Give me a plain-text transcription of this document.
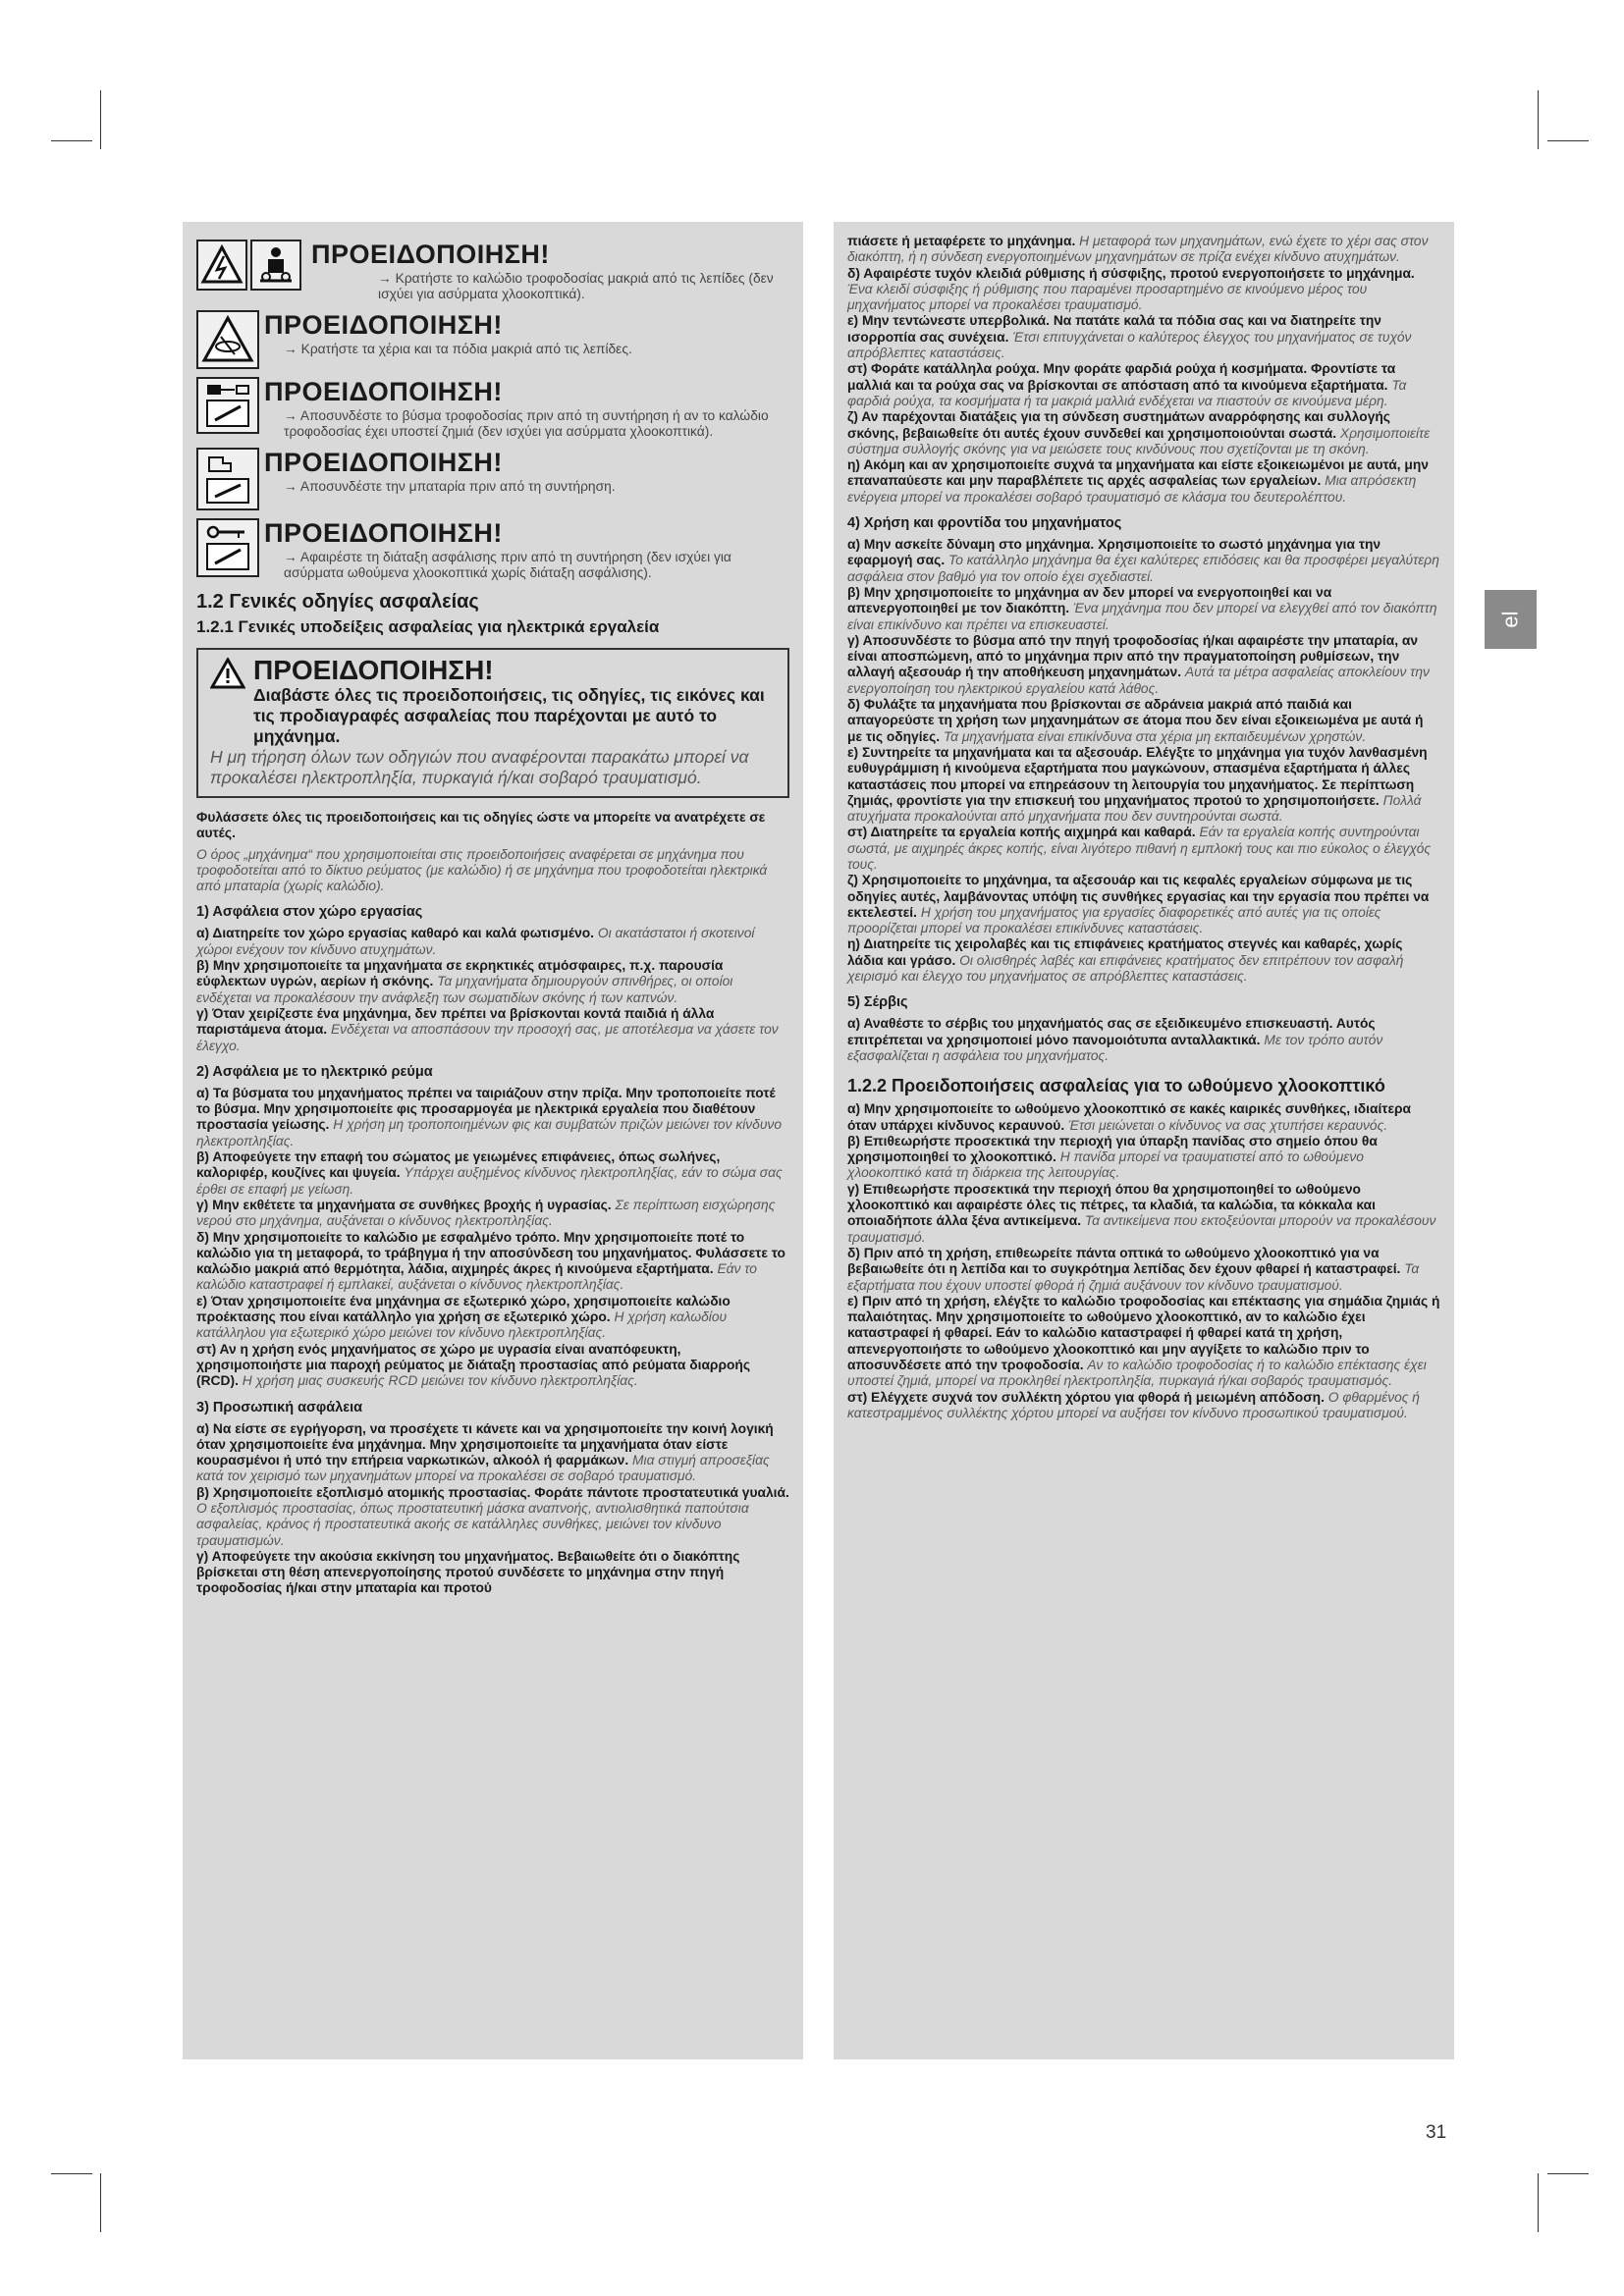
el
ΠΡΟΕΙΔΟΠΟΙΗΣΗ!
→ Κρατήστε το καλώδιο τροφοδοσίας μακριά από τις λεπίδες (δεν ισχύει για ασύρματα χλοοκοπτικά).
ΠΡΟΕΙΔΟΠΟΙΗΣΗ!
→ Κρατήστε τα χέρια και τα πόδια μακριά από τις λεπίδες.
ΠΡΟΕΙΔΟΠΟΙΗΣΗ!
→ Αποσυνδέστε το βύσμα τροφοδοσίας πριν από τη συντήρηση ή αν το καλώδιο τροφοδοσίας έχει υποστεί ζημιά (δεν ισχύει για ασύρματα χλοοκοπτικά).
ΠΡΟΕΙΔΟΠΟΙΗΣΗ!
→ Αποσυνδέστε την μπαταρία πριν από τη συντήρηση.
ΠΡΟΕΙΔΟΠΟΙΗΣΗ!
→ Αφαιρέστε τη διάταξη ασφάλισης πριν από τη συντήρηση (δεν ισχύει για ασύρματα ωθούμενα χλοοκοπτικά χωρίς διάταξη ασφάλισης).
1.2 Γενικές οδηγίες ασφαλείας
1.2.1 Γενικές υποδείξεις ασφαλείας για ηλεκτρικά εργαλεία
ΠΡΟΕΙΔΟΠΟΙΗΣΗ!
Διαβάστε όλες τις προειδοποιήσεις, τις οδηγίες, τις εικόνες και τις προδιαγραφές ασφαλείας που παρέχονται με αυτό το μηχάνημα.
Η μη τήρηση όλων των οδηγιών που αναφέρονται παρακάτω μπορεί να προκαλέσει ηλεκτροπληξία, πυρκαγιά ή/και σοβαρό τραυματισμό.

Φυλάσσετε όλες τις προειδοποιήσεις και τις οδηγίες ώστε να μπορείτε να ανατρέχετε σε αυτές.

Ο όρος „μηχάνημα“ που χρησιμοποιείται στις προειδοποιήσεις αναφέρεται σε μηχάνημα που τροφοδοτείται από το δίκτυο ρεύματος (με καλώδιο) ή σε μηχάνημα που τροφοδοτείται ηλεκτρικά από μπαταρία (χωρίς καλώδιο).

1) Ασφάλεια στον χώρο εργασίας

α) Διατηρείτε τον χώρο εργασίας καθαρό και καλά φωτισμένο. Οι ακατάστατοι ή σκοτεινοί χώροι ενέχουν τον κίνδυνο ατυχημάτων.

β) Μην χρησιμοποιείτε τα μηχανήματα σε εκρηκτικές ατμόσφαιρες, π.χ. παρουσία εύφλεκτων υγρών, αερίων ή σκόνης. Τα μηχανήματα δημιουργούν σπινθήρες, οι οποίοι ενδέχεται να προκαλέσουν την ανάφλεξη των σωματιδίων σκόνης ή των καπνών.

γ) Όταν χειρίζεστε ένα μηχάνημα, δεν πρέπει να βρίσκονται κοντά παιδιά ή άλλα παριστάμενα άτομα. Ενδέχεται να αποσπάσουν την προσοχή σας, με αποτέλεσμα να χάσετε τον έλεγχο.

2) Ασφάλεια με το ηλεκτρικό ρεύμα

α) Τα βύσματα του μηχανήματος πρέπει να ταιριάζουν στην πρίζα. Μην τροποποιείτε ποτέ το βύσμα. Μην χρησιμοποιείτε φις προσαρμογέα με ηλεκτρικά εργαλεία που διαθέτουν προστασία γείωσης. Η χρήση μη τροποποιημένων φις και συμβατών πριζών μειώνει τον κίνδυνο ηλεκτροπληξίας.

β) Αποφεύγετε την επαφή του σώματος με γειωμένες επιφάνειες, όπως σωλήνες, καλοριφέρ, κουζίνες και ψυγεία. Υπάρχει αυξημένος κίνδυνος ηλεκτροπληξίας, εάν το σώμα σας έρθει σε επαφή με γείωση.

γ) Μην εκθέτετε τα μηχανήματα σε συνθήκες βροχής ή υγρασίας. Σε περίπτωση εισχώρησης νερού στο μηχάνημα, αυξάνεται ο κίνδυνος ηλεκτροπληξίας.

δ) Μην χρησιμοποιείτε το καλώδιο με εσφαλμένο τρόπο. Μην χρησιμοποιείτε ποτέ το καλώδιο για τη μεταφορά, το τράβηγμα ή την αποσύνδεση του μηχανήματος. Φυλάσσετε το καλώδιο μακριά από θερμότητα, λάδια, αιχμηρές άκρες ή κινούμενα εξαρτήματα. Εάν το καλώδιο καταστραφεί ή εμπλακεί, αυξάνεται ο κίνδυνος ηλεκτροπληξίας.

ε) Όταν χρησιμοποιείτε ένα μηχάνημα σε εξωτερικό χώρο, χρησιμοποιείτε καλώδιο προέκτασης που είναι κατάλληλο για χρήση σε εξωτερικό χώρο. Η χρήση καλωδίου κατάλληλου για εξωτερικό χώρο μειώνει τον κίνδυνο ηλεκτροπληξίας.

στ) Αν η χρήση ενός μηχανήματος σε χώρο με υγρασία είναι αναπόφευκτη, χρησιμοποιήστε μια παροχή ρεύματος με διάταξη προστασίας από ρεύματα διαρροής (RCD). Η χρήση μιας συσκευής RCD μειώνει τον κίνδυνο ηλεκτροπληξίας.

3) Προσωπική ασφάλεια

α) Να είστε σε εγρήγορση, να προσέχετε τι κάνετε και να χρησιμοποιείτε την κοινή λογική όταν χρησιμοποιείτε ένα μηχάνημα. Μην χρησιμοποιείτε τα μηχανήματα όταν είστε κουρασμένοι ή υπό την επήρεια ναρκωτικών, αλκοόλ ή φαρμάκων. Μια στιγμή απροσεξίας κατά τον χειρισμό των μηχανημάτων μπορεί να προκαλέσει σε σοβαρό τραυματισμό.

β) Χρησιμοποιείτε εξοπλισμό ατομικής προστασίας. Φοράτε πάντοτε προστατευτικά γυαλιά. Ο εξοπλισμός προστασίας, όπως προστατευτική μάσκα αναπνοής, αντιολισθητικά παπούτσια ασφαλείας, κράνος ή προστατευτικά ακοής σε κατάλληλες συνθήκες, μειώνει τον κίνδυνο τραυματισμών.

γ) Αποφεύγετε την ακούσια εκκίνηση του μηχανήματος. Βεβαιωθείτε ότι ο διακόπτης βρίσκεται στη θέση απενεργοποίησης προτού συνδέσετε το μηχάνημα στην πηγή τροφοδοσίας ή/και στην μπαταρία και προτού

πιάσετε ή μεταφέρετε το μηχάνημα. Η μεταφορά των μηχανημάτων, ενώ έχετε το χέρι σας στον διακόπτη, ή η σύνδεση ενεργοποιημένων μηχανημάτων σε πρίζα ενέχει κίνδυνο ατυχημάτων.

δ) Αφαιρέστε τυχόν κλειδιά ρύθμισης ή σύσφιξης, προτού ενεργοποιήσετε το μηχάνημα. Ένα κλειδί σύσφιξης ή ρύθμισης που παραμένει προσαρτημένο σε κινούμενο μέρος του μηχανήματος μπορεί να προκαλέσει τραυματισμό.

ε) Μην τεντώνεστε υπερβολικά. Να πατάτε καλά τα πόδια σας και να διατηρείτε την ισορροπία σας συνέχεια. Έτσι επιτυγχάνεται ο καλύτερος έλεγχος του μηχανήματος σε τυχόν απρόβλεπτες καταστάσεις.

στ) Φοράτε κατάλληλα ρούχα. Μην φοράτε φαρδιά ρούχα ή κοσμήματα. Φροντίστε τα μαλλιά και τα ρούχα σας να βρίσκονται σε απόσταση από τα κινούμενα εξαρτήματα. Τα φαρδιά ρούχα, τα κοσμήματα ή τα μακριά μαλλιά ενδέχεται να πιαστούν σε κινούμενα μέρη.

ζ) Αν παρέχονται διατάξεις για τη σύνδεση συστημάτων αναρρόφησης και συλλογής σκόνης, βεβαιωθείτε ότι αυτές έχουν συνδεθεί και χρησιμοποιούνται σωστά. Χρησιμοποιείτε σύστημα συλλογής σκόνης για να μειώσετε τους κινδύνους που σχετίζονται με τη σκόνη.

η) Ακόμη και αν χρησιμοποιείτε συχνά τα μηχανήματα και είστε εξοικειωμένοι με αυτά, μην επαναπαύεστε και μην παραβλέπετε τις αρχές ασφαλείας των εργαλείων. Μια απρόσεκτη ενέργεια μπορεί να προκαλέσει σοβαρό τραυματισμό σε κλάσμα του δευτερολέπτου.

4) Χρήση και φροντίδα του μηχανήματος

α) Μην ασκείτε δύναμη στο μηχάνημα. Χρησιμοποιείτε το σωστό μηχάνημα για την εφαρμογή σας. Το κατάλληλο μηχάνημα θα έχει καλύτερες επιδόσεις και θα προσφέρει μεγαλύτερη ασφάλεια στον βαθμό για τον οποίο έχει σχεδιαστεί.

β) Μην χρησιμοποιείτε το μηχάνημα αν δεν μπορεί να ενεργοποιηθεί και να απενεργοποιηθεί με τον διακόπτη. Ένα μηχάνημα που δεν μπορεί να ελεγχθεί από τον διακόπτη είναι επικίνδυνο και πρέπει να επισκευαστεί.

γ) Αποσυνδέστε το βύσμα από την πηγή τροφοδοσίας ή/και αφαιρέστε την μπαταρία, αν είναι αποσπώμενη, από το μηχάνημα πριν από την πραγματοποίηση ρυθμίσεων, την αλλαγή αξεσουάρ ή την αποθήκευση μηχανημάτων. Αυτά τα μέτρα ασφαλείας αποκλείουν την ενεργοποίηση του ηλεκτρικού εργαλείου κατά λάθος.

δ) Φυλάξτε τα μηχανήματα που βρίσκονται σε αδράνεια μακριά από παιδιά και απαγορεύστε τη χρήση των μηχανημάτων σε άτομα που δεν είναι εξοικειωμένα με αυτά ή με τις οδηγίες. Τα μηχανήματα είναι επικίνδυνα στα χέρια μη εκπαιδευμένων χρηστών.

ε) Συντηρείτε τα μηχανήματα και τα αξεσουάρ. Ελέγξτε το μηχάνημα για τυχόν λανθασμένη ευθυγράμμιση ή κινούμενα εξαρτήματα που μαγκώνουν, σπασμένα εξαρτήματα ή άλλες καταστάσεις που μπορεί να επηρεάσουν τη λειτουργία του μηχανήματος. Σε περίπτωση ζημιάς, φροντίστε για την επισκευή του μηχανήματος προτού το χρησιμοποιήσετε. Πολλά ατυχήματα προκαλούνται από μηχανήματα που δεν συντηρούνται σωστά.

στ) Διατηρείτε τα εργαλεία κοπής αιχμηρά και καθαρά. Εάν τα εργαλεία κοπής συντηρούνται σωστά, με αιχμηρές άκρες κοπής, είναι λιγότερο πιθανή η εμπλοκή τους και πιο εύκολος ο έλεγχός τους.

ζ) Χρησιμοποιείτε το μηχάνημα, τα αξεσουάρ και τις κεφαλές εργαλείων σύμφωνα με τις οδηγίες αυτές, λαμβάνοντας υπόψη τις συνθήκες εργασίας και την εργασία που πρέπει να εκτελεστεί. Η χρήση του μηχανήματος για εργασίες διαφορετικές από αυτές για τις οποίες προορίζεται μπορεί να προκαλέσει επικίνδυνες καταστάσεις.

η) Διατηρείτε τις χειρολαβές και τις επιφάνειες κρατήματος στεγνές και καθαρές, χωρίς λάδια και γράσο. Οι ολισθηρές λαβές και επιφάνειες κρατήματος δεν επιτρέπουν τον ασφαλή χειρισμό και έλεγχο του μηχανήματος σε απρόβλεπτες καταστάσεις.

5) Σέρβις

α) Αναθέστε το σέρβις του μηχανήματός σας σε εξειδικευμένο επισκευαστή. Αυτός επιτρέπεται να χρησιμοποιεί μόνο πανομοιότυπα ανταλλακτικά. Με τον τρόπο αυτόν εξασφαλίζεται η ασφάλεια του μηχανήματος.

1.2.2 Προειδοποιήσεις ασφαλείας για το ωθούμενο χλοοκοπτικό

α) Μην χρησιμοποιείτε το ωθούμενο χλοοκοπτικό σε κακές καιρικές συνθήκες, ιδιαίτερα όταν υπάρχει κίνδυνος κεραυνού. Έτσι μειώνεται ο κίνδυνος να σας χτυπήσει κεραυνός.

β) Επιθεωρήστε προσεκτικά την περιοχή για ύπαρξη πανίδας στο σημείο όπου θα χρησιμοποιηθεί το χλοοκοπτικό. Η πανίδα μπορεί να τραυματιστεί από το ωθούμενο χλοοκοπτικό κατά τη διάρκεια της λειτουργίας.

γ) Επιθεωρήστε προσεκτικά την περιοχή όπου θα χρησιμοποιηθεί το ωθούμενο χλοοκοπτικό και αφαιρέστε όλες τις πέτρες, τα κλαδιά, τα καλώδια, τα κόκκαλα και οποιαδήποτε άλλα ξένα αντικείμενα. Τα αντικείμενα που εκτοξεύονται μπορούν να προκαλέσουν τραυματισμό.

δ) Πριν από τη χρήση, επιθεωρείτε πάντα οπτικά το ωθούμενο χλοοκοπτικό για να βεβαιωθείτε ότι η λεπίδα και το συγκρότημα λεπίδας δεν έχουν φθαρεί ή καταστραφεί. Τα εξαρτήματα που έχουν υποστεί φθορά ή ζημιά αυξάνουν τον κίνδυνο τραυματισμού.

ε) Πριν από τη χρήση, ελέγξτε το καλώδιο τροφοδοσίας και επέκτασης για σημάδια ζημιάς ή παλαιότητας. Μην χρησιμοποιείτε το ωθούμενο χλοοκοπτικό, αν το καλώδιο έχει καταστραφεί ή φθαρεί. Εάν το καλώδιο καταστραφεί ή φθαρεί κατά τη χρήση, απενεργοποιήστε το ωθούμενο χλοοκοπτικό και μην αγγίξετε το καλώδιο πριν το αποσυνδέσετε από την τροφοδοσία. Αν το καλώδιο τροφοδοσίας ή το καλώδιο επέκτασης έχει υποστεί ζημιά, μπορεί να προκληθεί ηλεκτροπληξία, πυρκαγιά ή/και σοβαρός τραυματισμός.

στ) Ελέγχετε συχνά τον συλλέκτη χόρτου για φθορά ή μειωμένη απόδοση. Ο φθαρμένος ή κατεστραμμένος συλλέκτης χόρτου μπορεί να αυξήσει τον κίνδυνο προσωπικού τραυματισμού.

31
